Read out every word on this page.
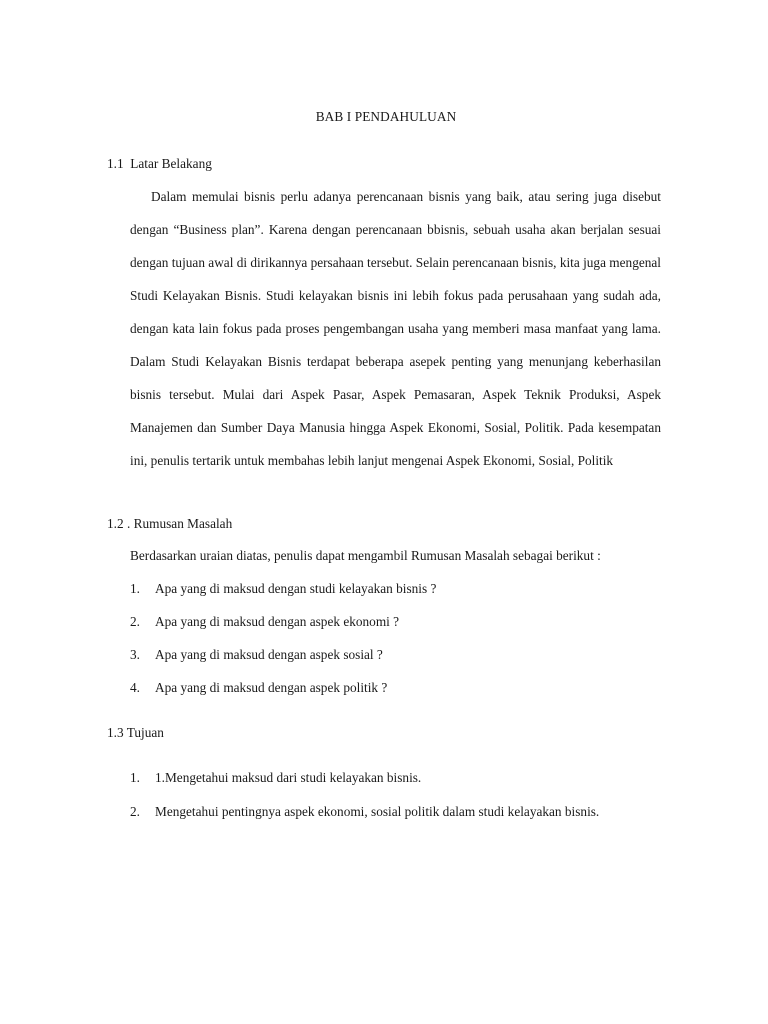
BAB I PENDAHULUAN
1.1 Latar Belakang
Dalam memulai bisnis perlu adanya perencanaan bisnis yang baik, atau sering juga disebut dengan “Business plan”. Karena dengan perencanaan bbisnis, sebuah usaha akan berjalan sesuai dengan tujuan awal di dirikannya persahaan tersebut. Selain perencanaan bisnis, kita juga mengenal Studi Kelayakan Bisnis. Studi kelayakan bisnis ini lebih fokus pada perusahaan yang sudah ada, dengan kata lain fokus pada proses pengembangan usaha yang memberi masa manfaat yang lama. Dalam Studi Kelayakan Bisnis terdapat beberapa asepek penting yang menunjang keberhasilan bisnis tersebut. Mulai dari Aspek Pasar, Aspek Pemasaran, Aspek Teknik Produksi, Aspek Manajemen dan Sumber Daya Manusia hingga Aspek Ekonomi, Sosial, Politik. Pada kesempatan ini, penulis tertarik untuk membahas lebih lanjut mengenai Aspek Ekonomi, Sosial, Politik
1.2 . Rumusan Masalah
Berdasarkan uraian diatas, penulis dapat mengambil Rumusan Masalah sebagai berikut :
1. Apa yang di maksud dengan studi kelayakan bisnis ?
2. Apa yang di maksud dengan aspek ekonomi ?
3. Apa yang di maksud dengan aspek sosial ?
4. Apa yang di maksud dengan aspek politik ?
1.3 Tujuan
1. 1.Mengetahui maksud dari studi kelayakan bisnis.
2. Mengetahui pentingnya aspek ekonomi, sosial politik dalam studi kelayakan bisnis.
